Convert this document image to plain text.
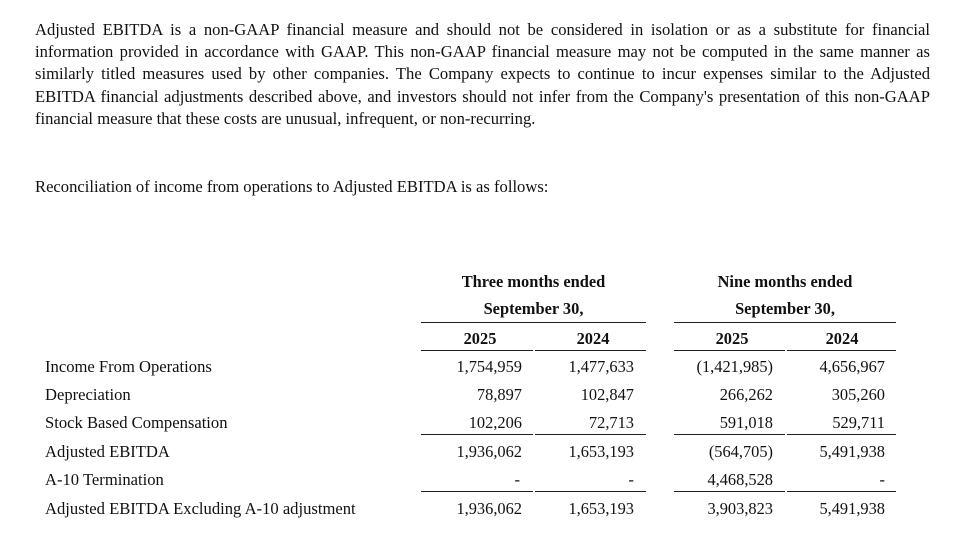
Adjusted EBITDA is a non-GAAP financial measure and should not be considered in isolation or as a substitute for financial information provided in accordance with GAAP. This non-GAAP financial measure may not be computed in the same manner as similarly titled measures used by other companies. The Company expects to continue to incur expenses similar to the Adjusted EBITDA financial adjustments described above, and investors should not infer from the Company's presentation of this non-GAAP financial measure that these costs are unusual, infrequent, or non-recurring.

Reconciliation of income from operations to Adjusted EBITDA is as follows:

Three months ended
September 30,
Nine months ended
September 30,
2025	2024	2025	2024
Income From Operations	1,754,959	1,477,633	(1,421,985)	4,656,967
Depreciation	78,897	102,847	266,262	305,260
Stock Based Compensation	102,206	72,713	591,018	529,711
Adjusted EBITDA	1,936,062	1,653,193	(564,705)	5,491,938
A-10 Termination	-	-	4,468,528	-
Adjusted EBITDA Excluding A-10 adjustment	1,936,062	1,653,193	3,903,823	5,491,938
